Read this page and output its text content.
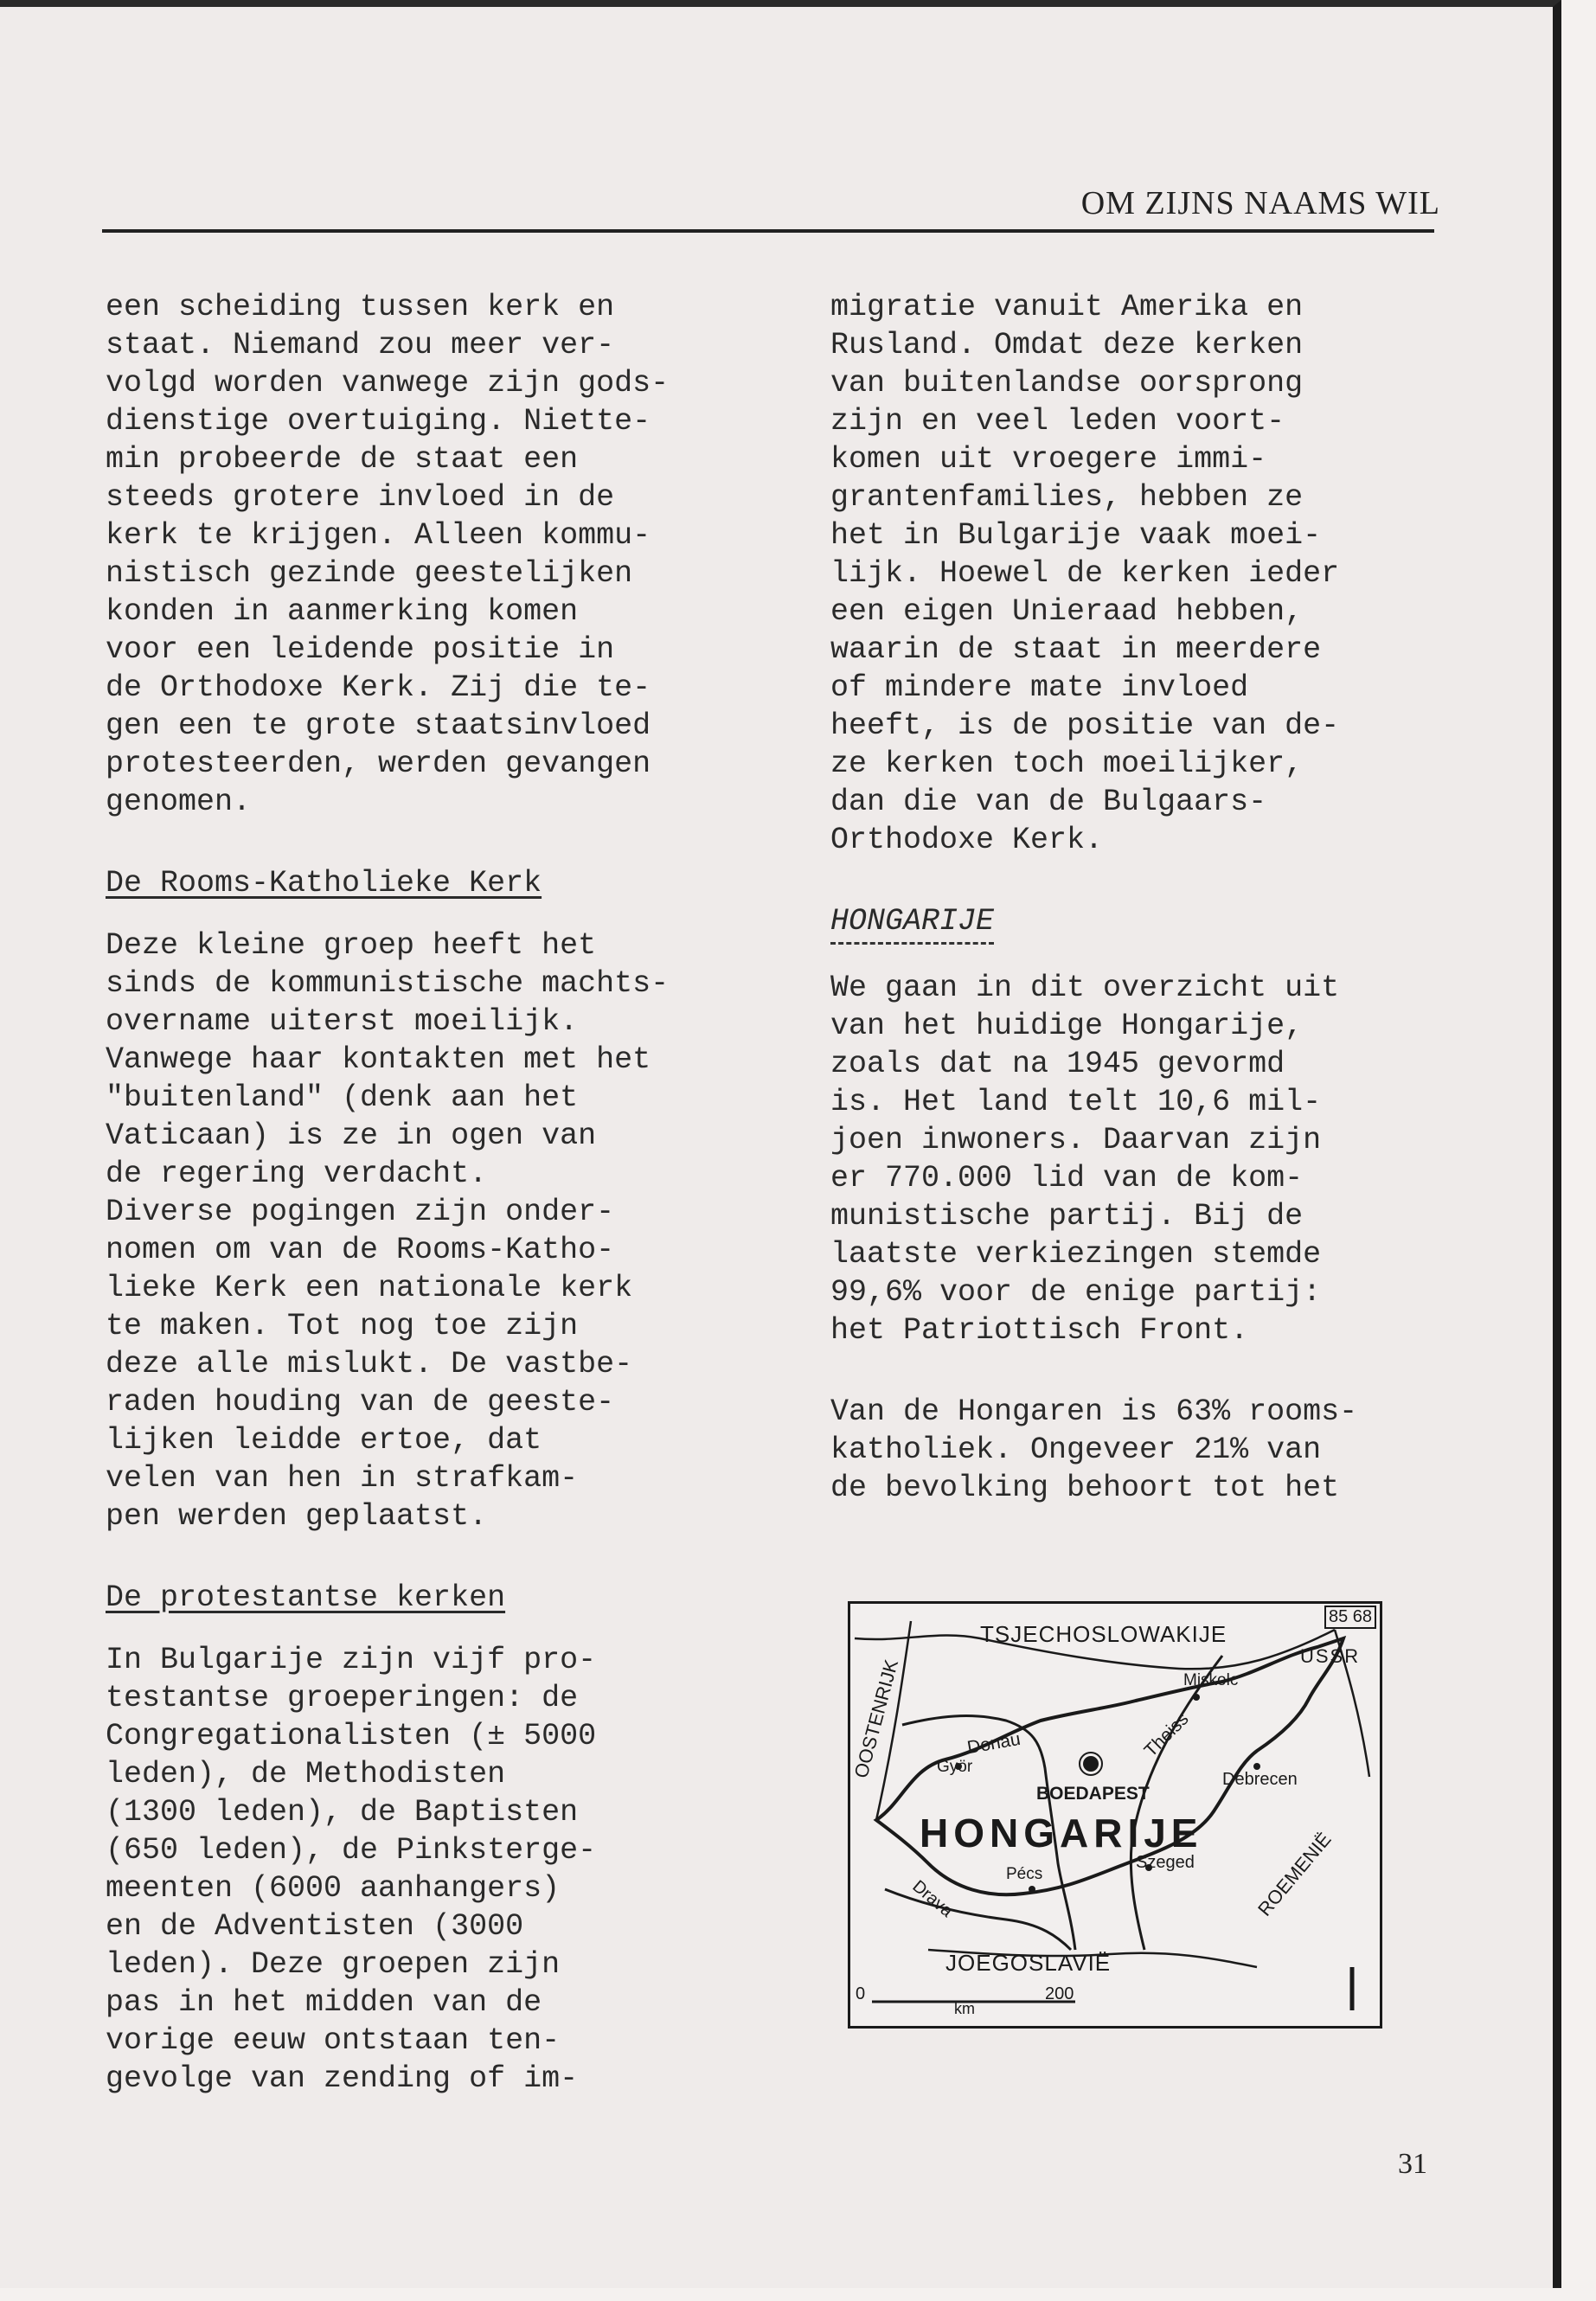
OM ZIJNS NAAMS WIL

een scheiding tussen kerk en
staat. Niemand zou meer ver-
volgd worden vanwege zijn gods-
dienstige overtuiging. Niette-
min probeerde de staat een
steeds grotere invloed in de
kerk te krijgen. Alleen kommu-
nistisch gezinde geestelijken
konden in aanmerking komen
voor een leidende positie in
de Orthodoxe Kerk. Zij die te-
gen een te grote staatsinvloed
protesteerden, werden gevangen
genomen.

De Rooms-Katholieke Kerk

Deze kleine groep heeft het
sinds de kommunistische machts-
overname uiterst moeilijk.
Vanwege haar kontakten met het
"buitenland" (denk aan het
Vaticaan) is ze in ogen van
de regering verdacht.
Diverse pogingen zijn onder-
nomen om van de Rooms-Katho-
lieke Kerk een nationale kerk
te maken. Tot nog toe zijn
deze alle mislukt. De vastbe-
raden houding van de geeste-
lijken leidde ertoe, dat
velen van hen in strafkam-
pen werden geplaatst.

De protestantse kerken

In Bulgarije zijn vijf pro-
testantse groeperingen: de
Congregationalisten (± 5000
leden), de Methodisten
(1300 leden), de Baptisten
(650 leden), de Pinksterge-
meenten (6000 aanhangers)
en de Adventisten (3000
leden). Deze groepen zijn
pas in het midden van de
vorige eeuw ontstaan ten-
gevolge van zending of im-

migratie vanuit Amerika en
Rusland. Omdat deze kerken
van buitenlandse oorsprong
zijn en veel leden voort-
komen uit vroegere immi-
grantenfamilies, hebben ze
het in Bulgarije vaak moei-
lijk. Hoewel de kerken ieder
een eigen Unieraad hebben,
waarin de staat in meerdere
of mindere mate invloed
heeft, is de positie van de-
ze kerken toch moeilijker,
dan die van de Bulgaars-
Orthodoxe Kerk.

HONGARIJE

We gaan in dit overzicht uit
van het huidige Hongarije,
zoals dat na 1945 gevormd
is. Het land telt 10,6 mil-
joen inwoners. Daarvan zijn
er 770.000 lid van de kom-
munistische partij. Bij de
laatste verkiezingen stemde
99,6% voor de enige partij:
het Patriottisch Front.

Van de Hongaren is 63% rooms-
katholiek. Ongeveer 21% van
de bevolking behoort tot het

85 68
TSJECHOSLOWAKIJE
USSR
OOSTENRIJK	Miskolc
Debrecen
Donau	Theiss
Györ
BOEDAPEST
HONGARIJE
Pécs
Szeged
Drava	ROEMENIË
JOEGOSLAVIË
0
km
200
31
